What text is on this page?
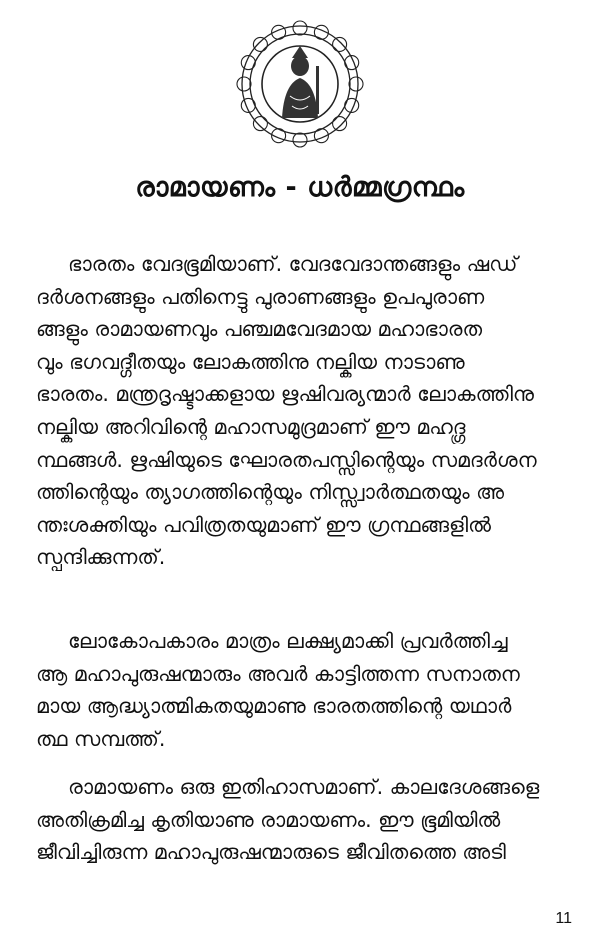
രാമായണം - ധർമ്മഗ്രന്ഥം
ഭാരതം വേദഭൂമിയാണ്. വേദവേദാന്തങ്ങളും ഷഡ്
ദർശനങ്ങളും പതിനെട്ടു പുരാണങ്ങളും ഉപപുരാണ
ങ്ങളും രാമായണവും പഞ്ചമവേദമായ മഹാഭാരത
വും ഭഗവദ്ഗീതയും ലോകത്തിനു നല്കിയ നാടാണു
ഭാരതം. മന്ത്രദൃഷ്ടാക്കളായ ഋഷിവര്യന്മാർ ലോകത്തിനു
നല്കിയ അറിവിന്റെ മഹാസമുദ്രമാണ് ഈ മഹദ്ഗ്ര
ന്ഥങ്ങൾ. ഋഷിയുടെ ഘോരതപസ്സിന്റെയും സമദർശന
ത്തിന്റെയും ത്യാഗത്തിന്റെയും നിസ്സ്വാർത്ഥതയും അ
ന്തഃശക്തിയും പവിത്രതയുമാണ് ഈ ഗ്രന്ഥങ്ങളിൽ
സ്പന്ദിക്കുന്നത്.
ലോകോപകാരം മാത്രം ലക്ഷ്യമാക്കി പ്രവർത്തിച്ച
ആ മഹാപുരുഷന്മാരും അവർ കാട്ടിത്തന്ന സനാതന
മായ ആദ്ധ്യാത്മികതയുമാണു ഭാരതത്തിന്റെ യഥാർ
ത്ഥ സമ്പത്ത്.
രാമായണം ഒരു ഇതിഹാസമാണ്. കാലദേശങ്ങളെ
അതിക്രമിച്ച കൃതിയാണു രാമായണം. ഈ ഭൂമിയിൽ
ജീവിച്ചിരുന്ന മഹാപുരുഷന്മാരുടെ ജീവിതത്തെ അടി
11
